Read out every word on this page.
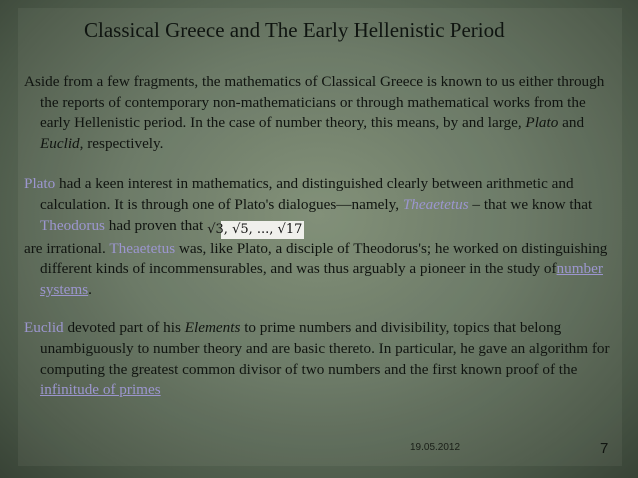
Classical Greece and The Early Hellenistic Period

Aside from a few fragments, the mathematics of Classical Greece is known to us either through the reports of contemporary non-mathematicians or through mathematical works from the early Hellenistic period. In the case of number theory, this means, by and large, Plato and Euclid, respectively.

Plato had a keen interest in mathematics, and distinguished clearly between arithmetic and calculation. It is through one of Plato's dialogues—namely, Theaetetus – that we know that Theodorus had proven that √3, √5, ..., √17

are irrational. Theaetetus was, like Plato, a disciple of Theodorus's; he worked on distinguishing different kinds of incommensurables, and was thus arguably a pioneer in the study ofnumber systems.

Euclid devoted part of his Elements to prime numbers and divisibility, topics that belong unambiguously to number theory and are basic thereto. In particular, he gave an algorithm for computing the greatest common divisor of two numbers and the first known proof of the infinitude of primes

19.05.2012	7
